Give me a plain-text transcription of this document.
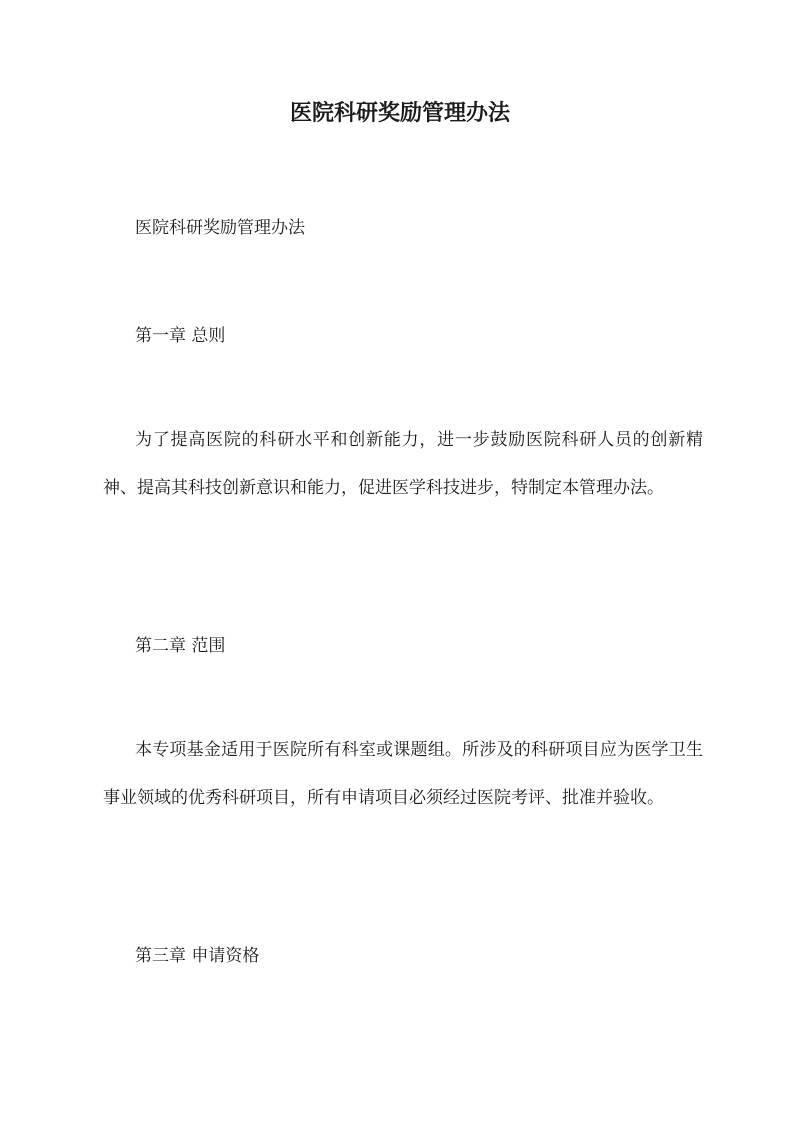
医院科研奖励管理办法

医院科研奖励管理办法

第一章 总则

为了提高医院的科研水平和创新能力，进一步鼓励医院科研人员的创新精神、提高其科技创新意识和能力，促进医学科技进步，特制定本管理办法。

第二章 范围

本专项基金适用于医院所有科室或课题组。所涉及的科研项目应为医学卫生事业领域的优秀科研项目，所有申请项目必须经过医院考评、批准并验收。

第三章 申请资格
